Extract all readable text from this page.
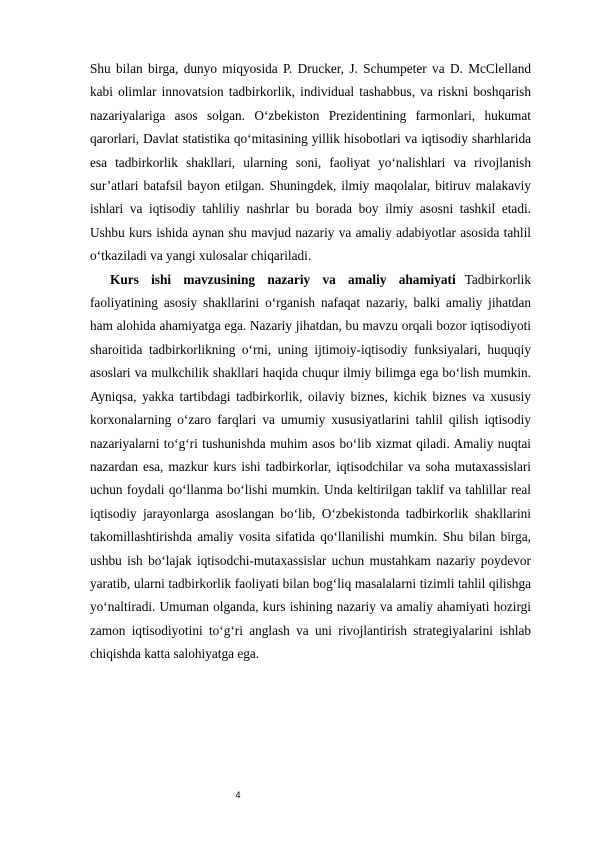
Shu bilan birga, dunyo miqyosida P. Drucker, J. Schumpeter va D. McClelland kabi olimlar innovatsion tadbirkorlik, individual tashabbus, va riskni boshqarish nazariyalariga asos solgan. O‘zbekiston Prezidentining farmonlari, hukumat qarorlari, Davlat statistika qo‘mitasining yillik hisobotlari va iqtisodiy sharhlarida esa tadbirkorlik shakllari, ularning soni, faoliyat yo‘nalishlari va rivojlanish sur’atlari batafsil bayon etilgan. Shuningdek, ilmiy maqolalar, bitiruv malakaviy ishlari va iqtisodiy tahliliy nashrlar bu borada boy ilmiy asosni tashkil etadi. Ushbu kurs ishida aynan shu mavjud nazariy va amaliy adabiyotlar asosida tahlil o‘tkaziladi va yangi xulosalar chiqariladi.

Kurs ishi mavzusining nazariy va amaliy ahamiyati Tadbirkorlik faoliyatining asosiy shakllarini o‘rganish nafaqat nazariy, balki amaliy jihatdan ham alohida ahamiyatga ega. Nazariy jihatdan, bu mavzu orqali bozor iqtisodiyoti sharoitida tadbirkorlikning o‘rni, uning ijtimoiy-iqtisodiy funksiyalari, huquqiy asoslari va mulkchilik shakllari haqida chuqur ilmiy bilimga ega bo‘lish mumkin. Ayniqsa, yakka tartibdagi tadbirkorlik, oilaviy biznes, kichik biznes va xususiy korxonalarning o‘zaro farqlari va umumiy xususiyatlarini tahlil qilish iqtisodiy nazariyalarni to‘g‘ri tushunishda muhim asos bo‘lib xizmat qiladi. Amaliy nuqtai nazardan esa, mazkur kurs ishi tadbirkorlar, iqtisodchilar va soha mutaxassislari uchun foydali qo‘llanma bo‘lishi mumkin. Unda keltirilgan taklif va tahlillar real iqtisodiy jarayonlarga asoslangan bo‘lib, O‘zbekistonda tadbirkorlik shakllarini takomillashtirishda amaliy vosita sifatida qo‘llanilishi mumkin. Shu bilan birga, ushbu ish bo‘lajak iqtisodchi-mutaxassislar uchun mustahkam nazariy poydevor yaratib, ularni tadbirkorlik faoliyati bilan bog‘liq masalalarni tizimli tahlil qilishga yo‘naltiradi. Umuman olganda, kurs ishining nazariy va amaliy ahamiyati hozirgi zamon iqtisodiyotini to‘g‘ri anglash va uni rivojlantirish strategiyalarini ishlab chiqishda katta salohiyatga ega.

4
